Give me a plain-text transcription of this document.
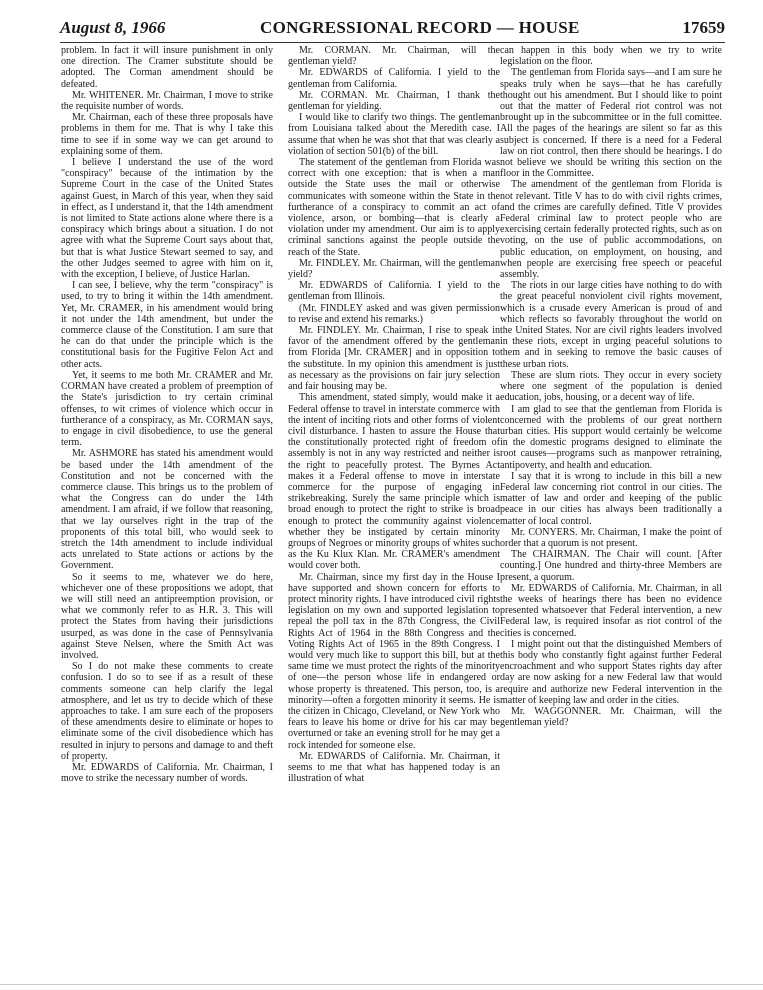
August 8, 1966	CONGRESSIONAL RECORD — HOUSE	17659

problem. In fact it will insure punishment in only one direction. The Cramer substitute should be adopted. The Corman amendment should be defeated.

Mr. WHITENER. Mr. Chairman, I move to strike the requisite number of words.

Mr. Chairman, each of these three proposals have problems in them for me. That is why I take this time to see if in some way we can get around to explaining some of them.

I believe I understand the use of the word "conspiracy" because of the intimation by the Supreme Court in the case of the United States against Guest, in March of this year, when they said in effect, as I understand it, that the 14th amendment is not limited to State actions alone where there is a conspiracy which brings about a situation. I do not agree with what the Supreme Court says about that, but that is what Justice Stewart seemed to say, and the other Judges seemed to agree with him on it, with the exception, I believe, of Justice Harlan.

I can see, I believe, why the term "conspiracy" is used, to try to bring it within the 14th amendment. Yet, Mr. CRAMER, in his amendment would bring it not under the 14th amendment, but under the commerce clause of the Constitution. I am sure that he can do that under the principle which is the constitutional basis for the Fugitive Felon Act and other acts.

Yet, it seems to me both Mr. CRAMER and Mr. CORMAN have created a problem of preemption of the State's jurisdiction to try certain criminal offenses, to wit crimes of violence which occur in furtherance of a conspiracy, as Mr. CORMAN says, to engage in civil disobedience, to use the general term.

Mr. ASHMORE has stated his amendment would be based under the 14th amendment of the Constitution and not be concerned with the commerce clause. This brings us to the problem of what the Congress can do under the 14th amendment. I am afraid, if we follow that reasoning, that we lay ourselves right in the trap of the proponents of this total bill, who would seek to stretch the 14th amendment to include individual acts unrelated to State actions or actions by the Government.

So it seems to me, whatever we do here, whichever one of these propositions we adopt, that we will still need an antipreemption provision, or what we commonly refer to as H.R. 3. This will protect the States from having their jurisdictions usurped, as was done in the case of Pennsylvania against Steve Nelsen, where the Smith Act was involved.

So I do not make these comments to create confusion. I do so to see if as a result of these comments someone can help clarify the legal atmosphere, and let us try to decide which of these approaches to take. I am sure each of the proposers of these amendments desire to eliminate or hopes to eliminate some of the civil disobedience which has resulted in injury to persons and damage to and theft of property.

Mr. EDWARDS of California. Mr. Chairman, I move to strike the necessary number of words.

Mr. CORMAN. Mr. Chairman, will the gentleman yield?

Mr. EDWARDS of California. I yield to the gentleman from California.

Mr. CORMAN. Mr. Chairman, I thank the gentleman for yielding.

I would like to clarify two things. The gentleman from Louisiana talked about the Meredith case. I assume that when he was shot that that was clearly a violation of section 501(b) of the bill.

The statement of the gentleman from Florida was correct with one exception: that is when a man outside the State uses the mail or otherwise communicates with someone within the State in the furtherance of a conspiracy to commit an act of violence, arson, or bombing—that is clearly a violation under my amendment. Our aim is to apply criminal sanctions against the people outside the reach of the State.

Mr. FINDLEY. Mr. Chairman, will the gentleman yield?

Mr. EDWARDS of California. I yield to the gentleman from Illinois.

(Mr. FINDLEY asked and was given permission to revise and extend his remarks.)

Mr. FINDLEY. Mr. Chairman, I rise to speak in favor of the amendment offered by the gentleman from Florida [Mr. CRAMER] and in opposition to the substitute. In my opinion this amendment is just as necessary as the provisions on fair jury selection and fair housing may be.

This amendment, stated simply, would make it a Federal offense to travel in interstate commerce with the intent of inciting riots and other forms of violent civil disturbance. I hasten to assure the House that the constitutionally protected right of freedom of assembly is not in any way restricted and neither is the right to peacefully protest. The Byrnes Act makes it a Federal offense to move in interstate commerce for the purpose of engaging in strikebreaking. Surely the same principle which is broad enough to protect the right to strike is broad enough to protect the community against violence whether they be instigated by certain minority groups of Negroes or minority groups of whites such as the Ku Klux Klan. Mr. CRAMER's amendment would cover both.

Mr. Chairman, since my first day in the House I have supported and shown concern for efforts to protect minority rights. I have introduced civil rights legislation on my own and supported legislation to repeal the poll tax in the 87th Congress, the Civil Rights Act of 1964 in the 88th Congress and the Voting Rights Act of 1965 in the 89th Congress. I would very much like to support this bill, but at the same time we must protect the rights of the minority of one—the person whose life in endangered or whose property is threatened. This person, too, is a minority—often a forgotten minority it seems. He is the citizen in Chicago, Cleveland, or New York who fears to leave his home or drive for his car may be overturned or take an evening stroll for he may get a rock intended for someone else.

Mr. EDWARDS of California. Mr. Chairman, it seems to me that what has happened today is an illustration of what

can happen in this body when we try to write legislation on the floor.

The gentleman from Florida says—and I am sure he speaks truly when he says—that he has carefully thought out his amendment. But I should like to point out that the matter of Federal riot control was not brought up in the subcommittee or in the full comittee. All the pages of the hearings are silent so far as this subject is concerned. If there is a need for a Federal law on riot control, then there should be hearings. I do not believe we should be writing this section on the floor in the Committee.

The amendment of the gentleman from Florida is not relevant. Title V has to do with civil rights crimes, and the crimes are carefully defined. Title V provides Federal criminal law to protect people who are exercising certain federally protected rights, such as on voting, on the use of public accommodations, on public education, on employment, on housing, and when people are exercising free speech or peaceful assembly.

The riots in our large cities have nothing to do with the great peaceful nonviolent civil rights movement, which is a crusade every American is proud of and which reflects so favorably throughout the world on the United States. Nor are civil rights leaders involved in these riots, except in urging peaceful solutions to them and in seeking to remove the basic causes of these urban riots.

These are slum riots. They occur in every society where one segment of the population is denied education, jobs, housing, or a decent way of life.

I am glad to see that the gentleman from Florida is concerned with the problems of our great northern urban cities. His support would certainly be welcome in the domestic programs designed to eliminate the root causes—programs such as manpower retraining, antipoverty, and health and education.

I say that it is wrong to include in this bill a new Federal law concerning riot control in our cities. The matter of law and order and keeping of the public peace in our cities has always been traditionally a matter of local control.

Mr. CONYERS. Mr. Chairman, I make the point of order that a quorum is not present.

The CHAIRMAN. The Chair will count. [After counting.] One hundred and thirty-three Members are present, a quorum.

Mr. EDWARDS of California. Mr. Chairman, in all the weeks of hearings there has been no evidence presented whatsoever that Federal intervention, a new Federal law, is required insofar as riot control of the cities is concerned.

I might point out that the distinguished Members of this body who constantly fight against further Federal encroachment and who support States rights day after day are now asking for a new Federal law that would require and authorize new Federal intervention in the matter of keeping law and order in the cities.

Mr. WAGGONNER. Mr. Chairman, will the gentleman yield?
